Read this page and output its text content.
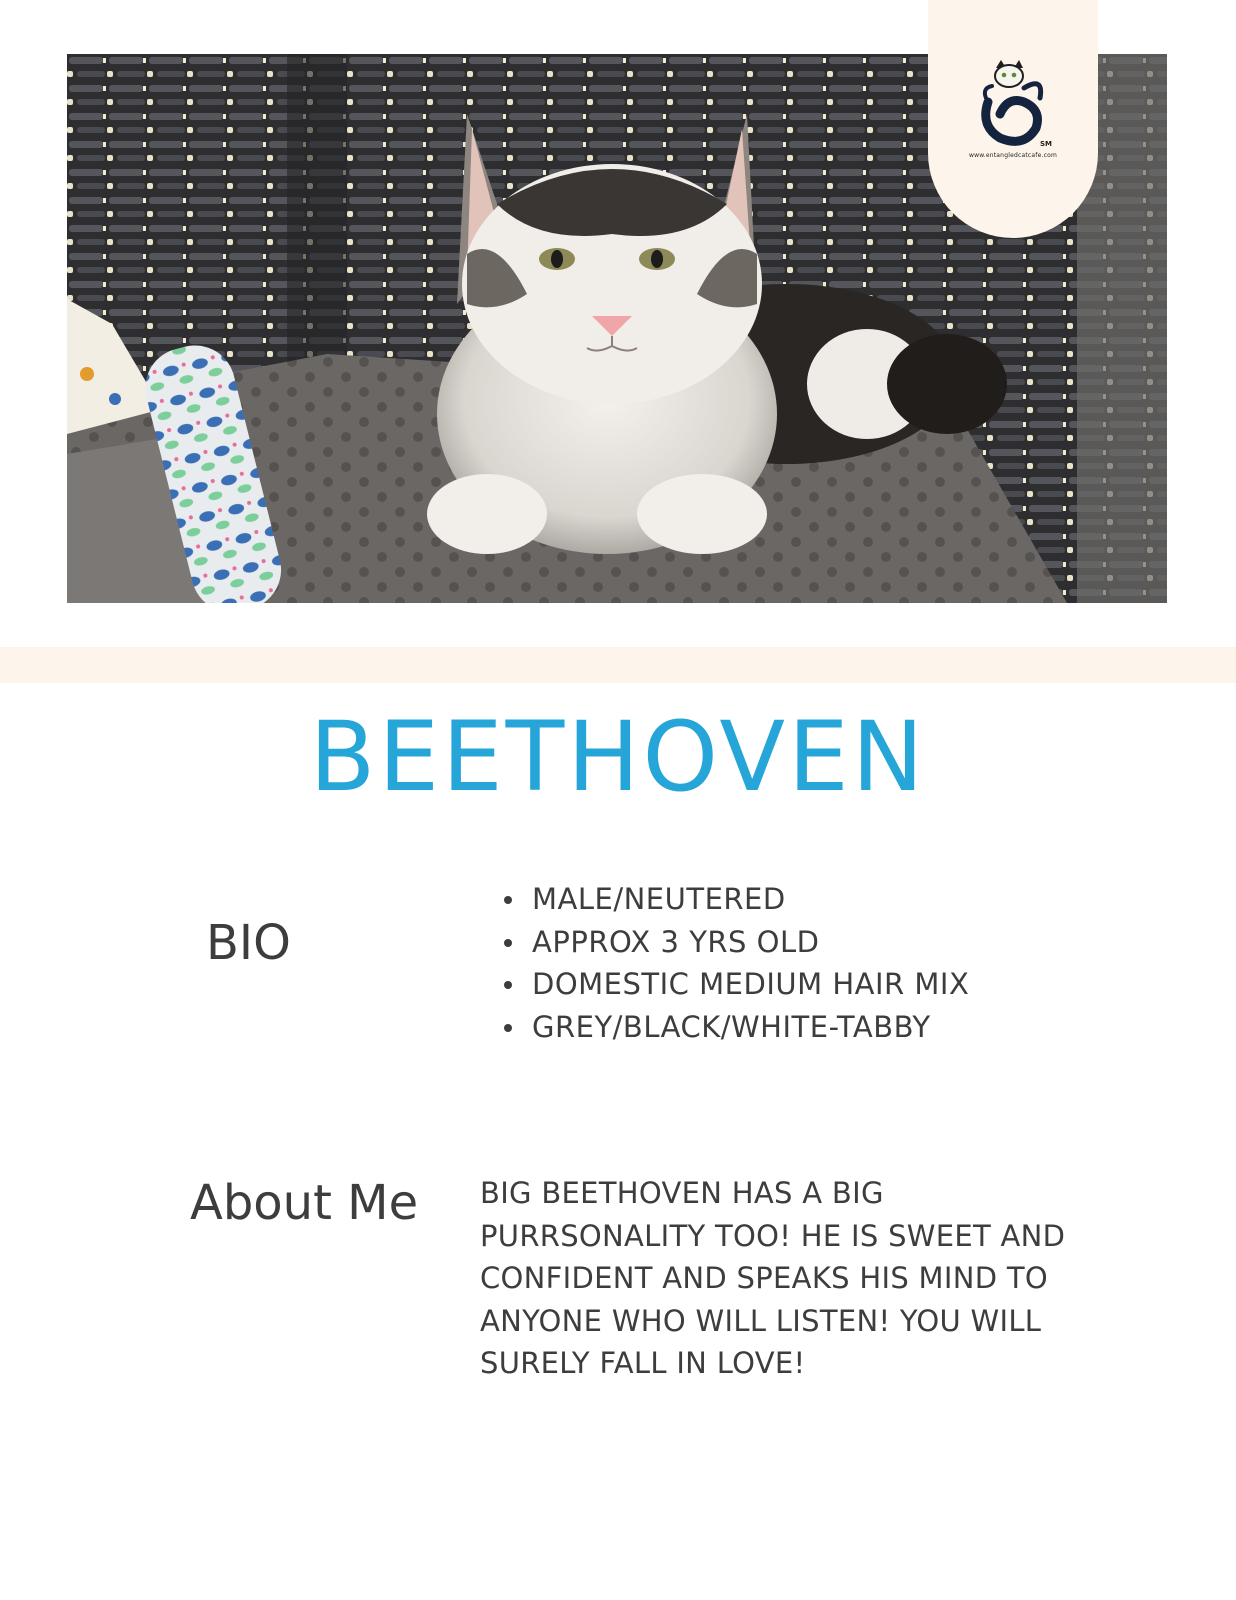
SM
www.entangledcatcafe.com
BEETHOVEN
BIO
MALE/NEUTERED
APPROX 3 YRS OLD
DOMESTIC MEDIUM HAIR MIX
GREY/BLACK/WHITE-TABBY
About Me BIG BEETHOVEN HAS A BIG PURRSONALITY TOO! HE IS SWEET AND CONFIDENT AND SPEAKS HIS MIND TO ANYONE WHO WILL LISTEN! YOU WILL SURELY FALL IN LOVE!
